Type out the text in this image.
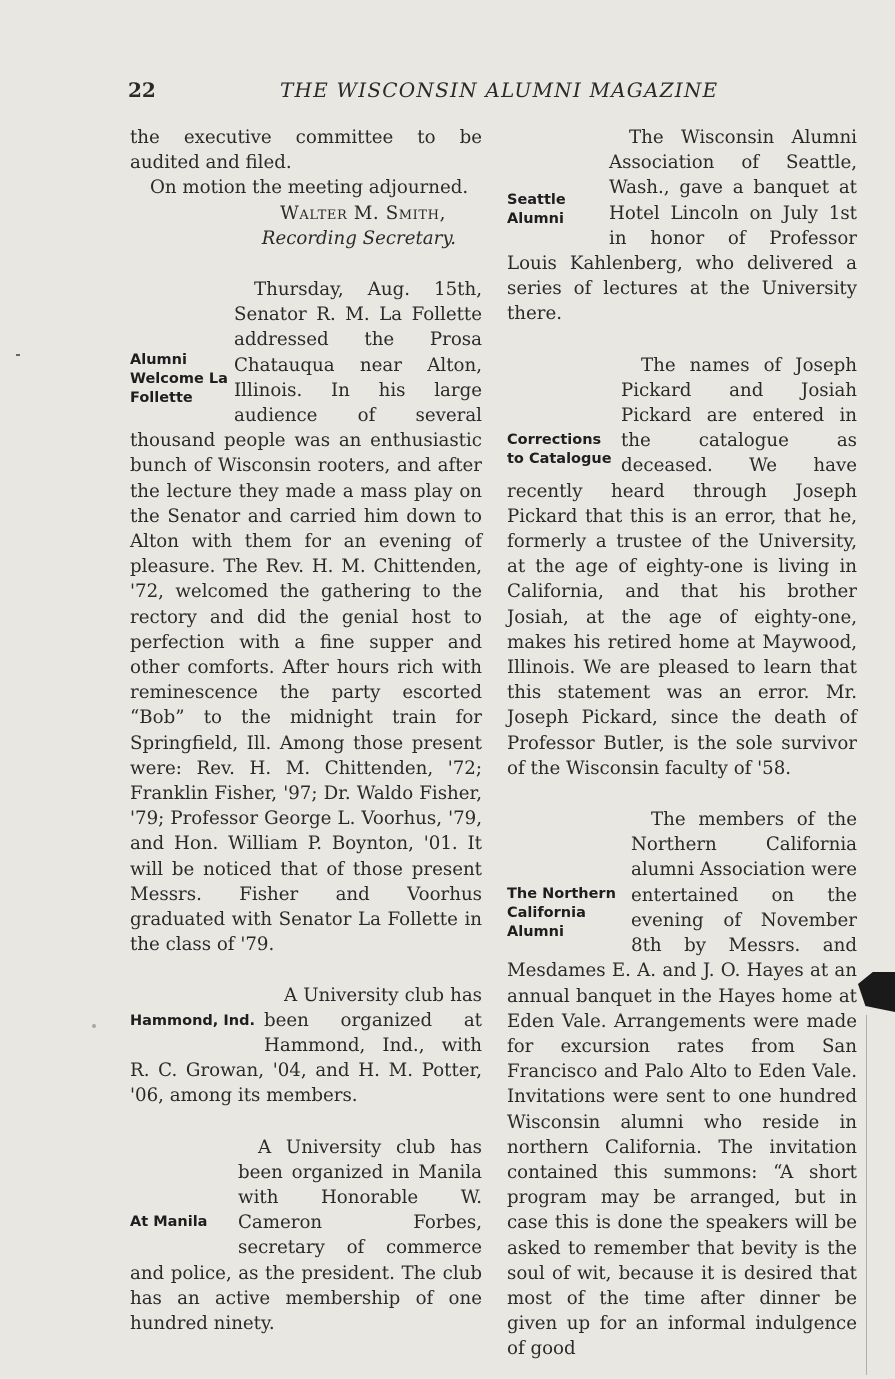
22	THE WISCONSIN ALUMNI MAGAZINE

the executive committee to be audited and filed.

On motion the meeting adjourned.

Walter M. Smith,

Recording Secretary.

Alumni Welcome La Follette

Thursday, Aug. 15th, Senator R. M. La Follette addressed the Prosa Chatauqua near Alton, Illinois. In his large audience of several thousand people was an enthusiastic bunch of Wisconsin rooters, and after the lecture they made a mass play on the Senator and carried him down to Alton with them for an evening of pleasure. The Rev. H. M. Chittenden, '72, welcomed the gathering to the rectory and did the genial host to perfection with a fine supper and other comforts. After hours rich with reminescence the party escorted “Bob” to the midnight train for Springfield, Ill. Among those present were: Rev. H. M. Chittenden, '72; Franklin Fisher, '97; Dr. Waldo Fisher, '79; Professor George L. Voorhus, '79, and Hon. William P. Boynton, '01. It will be noticed that of those present Messrs. Fisher and Voorhus graduated with Senator La Follette in the class of '79.

Hammond, Ind.

A University club has been organized at Hammond, Ind., with R. C. Growan, '04, and H. M. Potter, '06, among its members.

At Manila

A University club has been organized in Manila with Honorable W. Cameron Forbes, secretary of commerce and police, as the president. The club has an active membership of one hundred ninety.

Seattle Alumni

The Wisconsin Alumni Association of Seattle, Wash., gave a banquet at Hotel Lincoln on July 1st in honor of Professor Louis Kahlenberg, who delivered a series of lectures at the University there.

Corrections to Catalogue

The names of Joseph Pickard and Josiah Pickard are entered in the catalogue as deceased. We have recently heard through Joseph Pickard that this is an error, that he, formerly a trustee of the University, at the age of eighty-one is living in California, and that his brother Josiah, at the age of eighty-one, makes his retired home at Maywood, Illinois. We are pleased to learn that this statement was an error. Mr. Joseph Pickard, since the death of Professor Butler, is the sole survivor of the Wisconsin faculty of '58.

The Northern California Alumni

The members of the Northern California alumni Association were entertained on the evening of November 8th by Messrs. and Mesdames E. A. and J. O. Hayes at an annual banquet in the Hayes home at Eden Vale. Arrangements were made for excursion rates from San Francisco and Palo Alto to Eden Vale. Invitations were sent to one hundred Wisconsin alumni who reside in northern California. The invitation contained this summons: “A short program may be arranged, but in case this is done the speakers will be asked to remember that bevity is the soul of wit, because it is desired that most of the time after dinner be given up for an informal indulgence of good
